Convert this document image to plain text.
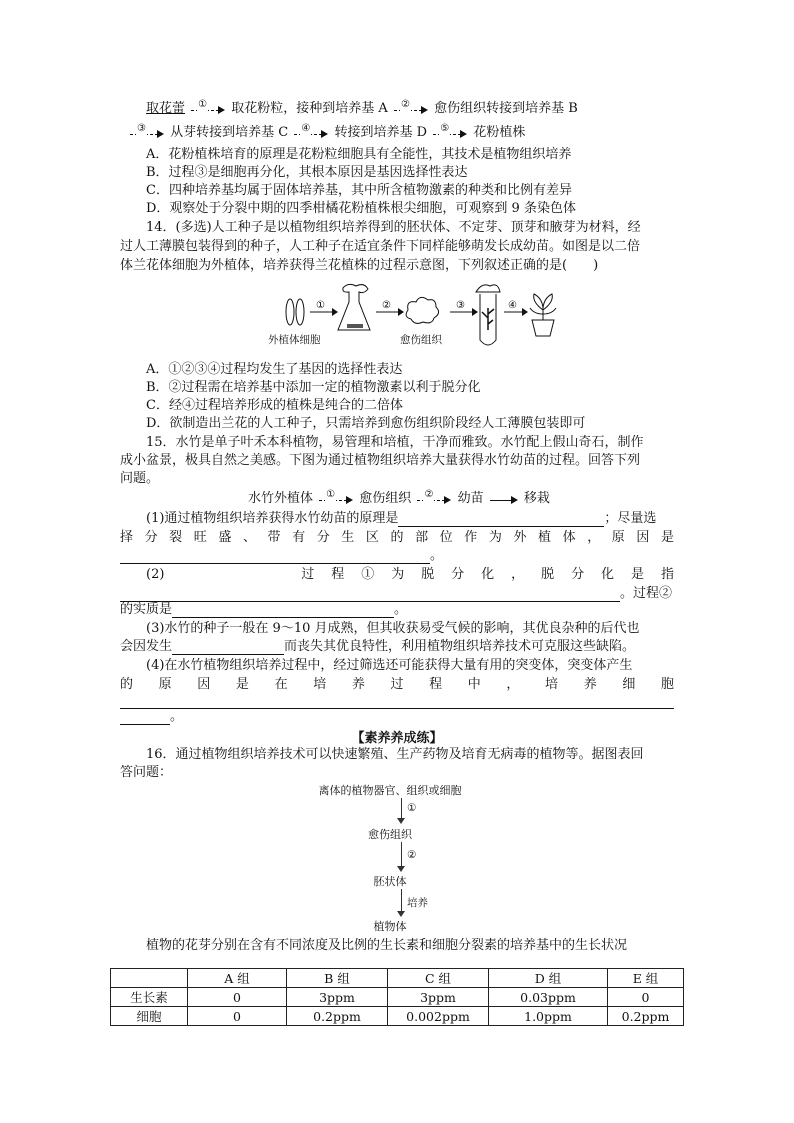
取花蕾 ① 取花粉粒，接种到培养基 A ② 愈伤组织转接到培养基 B
③ 从芽转接到培养基 C ④ 转接到培养基 D ⑤ 花粉植株
A．花粉植株培育的原理是花粉粒细胞具有全能性，其技术是植物组织培养
B．过程③是细胞再分化，其根本原因是基因选择性表达
C．四种培养基均属于固体培养基，其中所含植物激素的种类和比例有差异
D．观察处于分裂中期的四季柑橘花粉植株根尖细胞，可观察到 9 条染色体
14．(多选)人工种子是以植物组织培养得到的胚状体、不定芽、顶芽和腋芽为材料，经
过人工薄膜包装得到的种子，人工种子在适宜条件下同样能够萌发长成幼苗。如图是以二倍
体兰花体细胞为外植体，培养获得兰花植株的过程示意图，下列叙述正确的是(　　)
①	②	③	④
外植体细胞	愈伤组织
A．①②③④过程均发生了基因的选择性表达
B．②过程需在培养基中添加一定的植物激素以利于脱分化
C．经④过程培养形成的植株是纯合的二倍体
D．欲制造出兰花的人工种子，只需培养到愈伤组织阶段经人工薄膜包装即可
15．水竹是单子叶禾本科植物，易管理和培植，干净而雅致。水竹配上假山奇石，制作
成小盆景，极具自然之美感。下图为通过植物组织培养大量获得水竹幼苗的过程。回答下列
问题。
水竹外植体 ① 愈伤组织 ② 幼苗	移栽
(1)通过植物组织培养获得水竹幼苗的原理是	；尽量选
择分裂旺盛、带有分生区的部位作为外植体，原因是
。
(2)　　　　过程①为脱分化，脱分化是指
。过程②
的实质是	。
(3)水竹的种子一般在 9～10 月成熟，但其收获易受气候的影响，其优良杂种的后代也
会因发生	而丧失其优良特性，利用植物组织培养技术可克服这些缺陷。
(4)在水竹植物组织培养过程中，经过筛选还可能获得大量有用的突变体，突变体产生
的原因是在培养过程中，培养细胞
。
【素养养成练】
16．通过植物组织培养技术可以快速繁殖、生产药物及培育无病毒的植物等。据图表回
答问题：
离体的植物器官、组织或细胞
①
愈伤组织
②
胚状体
培养
植物体
植物的花芽分别在含有不同浓度及比例的生长素和细胞分裂素的培养基中的生长状况
	A 组	B 组	C 组	D 组	E 组
生长素	0	3ppm	3ppm	0.03ppm	0
细胞	0	0.2ppm	0.002ppm	1.0ppm	0.2ppm
